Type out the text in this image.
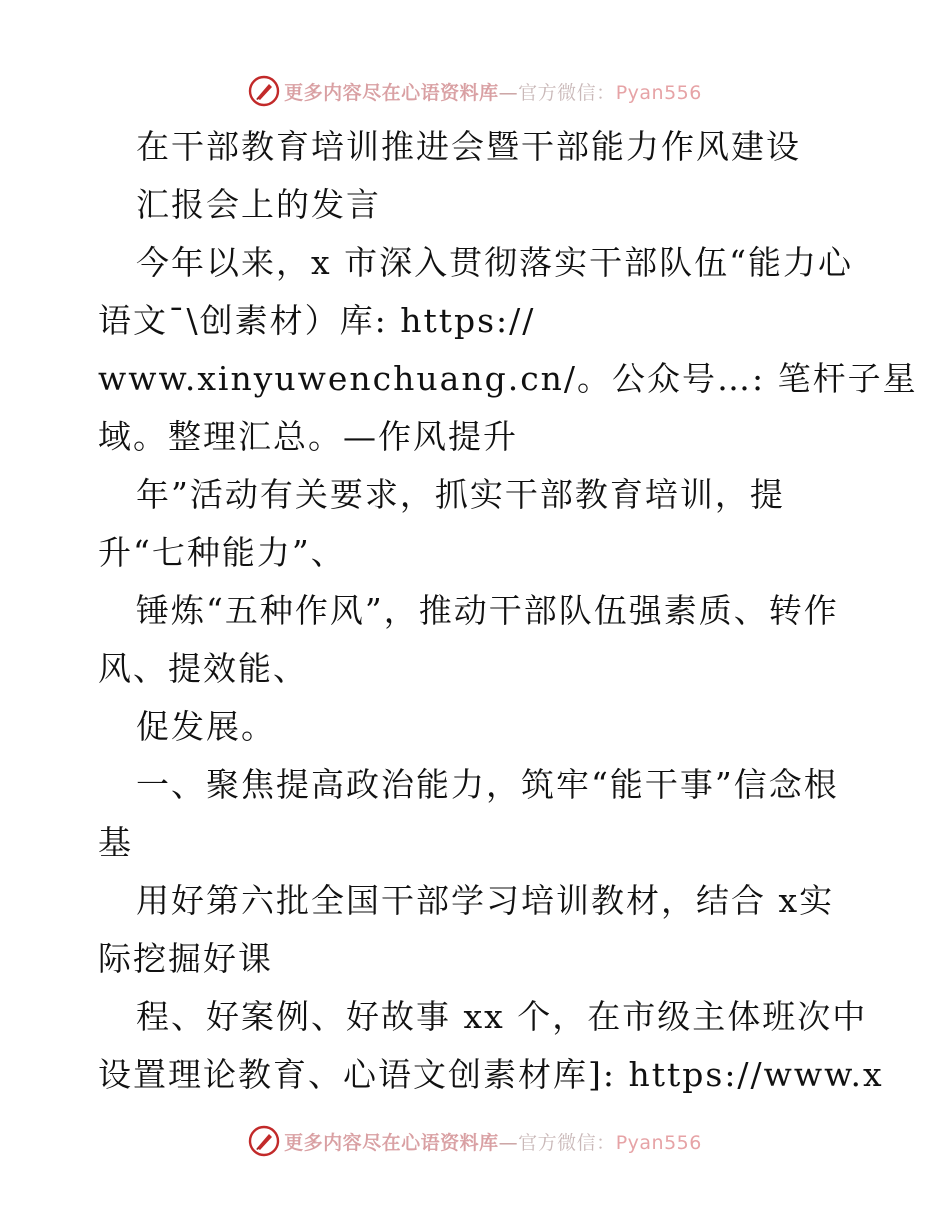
更多内容尽在心语资料库—官方微信：Pyan556
在干部教育培训推进会暨干部能力作风建设
汇报会上的发言
今年以来，x 市深入贯彻落实干部队伍“能力心
语文¯\创素材）库: https://
www.xinyuwenchuang.cn/。公众号…: 笔杆子星
域。整理汇总。—作风提升
年”活动有关要求，抓实干部教育培训，提
升“七种能力”、
锤炼“五种作风”，推动干部队伍强素质、转作
风、提效能、
促发展。
一、聚焦提高政治能力，筑牢“能干事”信念根
基
用好第六批全国干部学习培训教材，结合 x实
际挖掘好课
程、好案例、好故事 xx 个，在市级主体班次中
设置理论教育、心语文创素材库]: https://www.x
更多内容尽在心语资料库—官方微信：Pyan556
